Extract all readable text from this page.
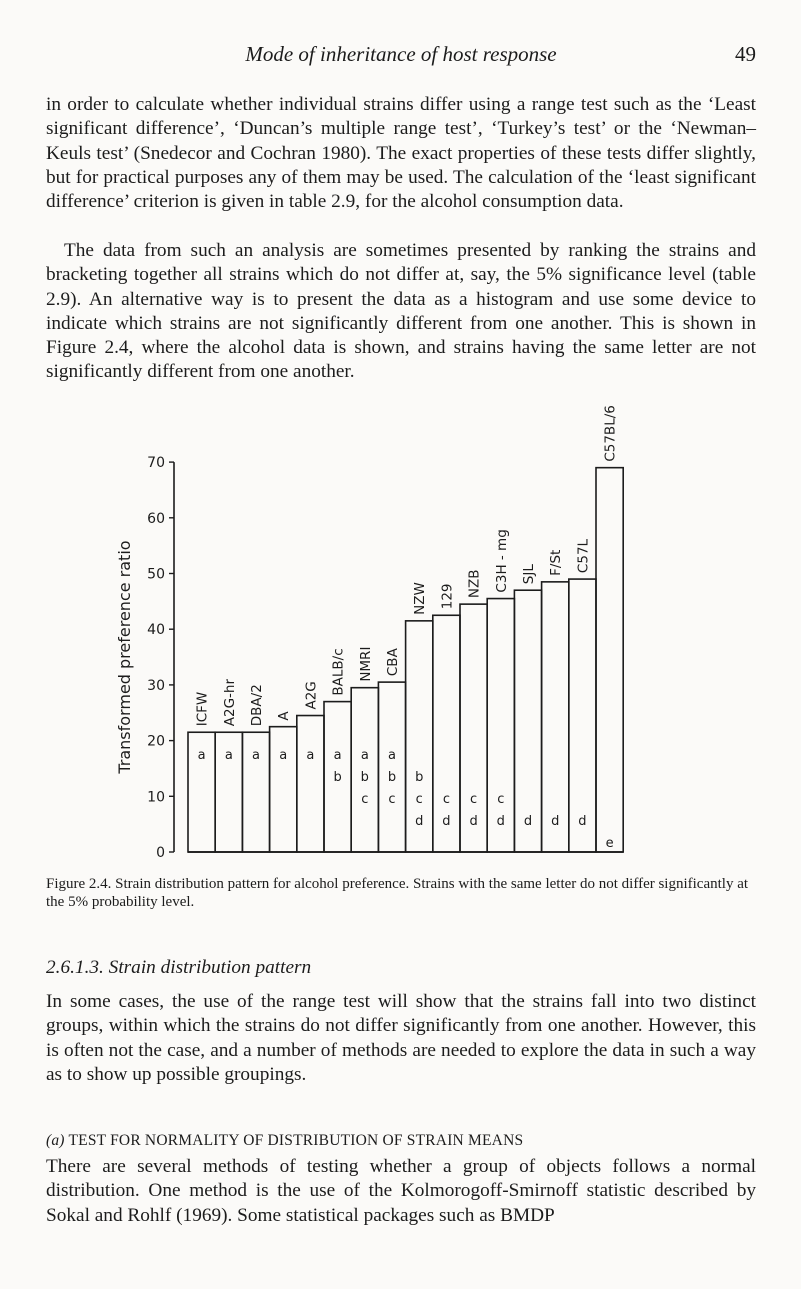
Mode of inheritance of host response	49

in order to calculate whether individual strains differ using a range test such as the ‘Least significant difference’, ‘Duncan’s multiple range test’, ‘Turkey’s test’ or the ‘Newman–Keuls test’ (Snedecor and Cochran 1980). The exact properties of these tests differ slightly, but for practical purposes any of them may be used. The calculation of the ‘least significant difference’ criterion is given in table 2.9, for the alcohol consumption data.

The data from such an analysis are sometimes presented by ranking the strains and bracketing together all strains which do not differ at, say, the 5% significance level (table 2.9). An alternative way is to present the data as a histogram and use some device to indicate which strains are not significantly different from one another. This is shown in Figure 2.4, where the alcohol data is shown, and strains having the same letter are not significantly different from one another.

0
10
20
30
40
50
60
70
Transformed preference ratio	ICFW
a
A2G-hr
a
DBA/2
a
A
a
A2G
a
BALB/c
a
b
NMRI
a
b
c
CBA
a
b
c
NZW
b
c
d
129
c
d
NZB
c
d
C3H - mg
c
d
SJL
d
F/St
d
C57L
d
C57BL/6
e

Figure 2.4. Strain distribution pattern for alcohol preference. Strains with the same letter do not differ significantly at the 5% probability level.

2.6.1.3. Strain distribution pattern

In some cases, the use of the range test will show that the strains fall into two distinct groups, within which the strains do not differ significantly from one another. However, this is often not the case, and a number of methods are needed to explore the data in such a way as to show up possible groupings.

(a) TEST FOR NORMALITY OF DISTRIBUTION OF STRAIN MEANS

There are several methods of testing whether a group of objects follows a normal distribution. One method is the use of the Kolmorogoff-Smirnoff statistic described by Sokal and Rohlf (1969). Some statistical packages such as BMDP
